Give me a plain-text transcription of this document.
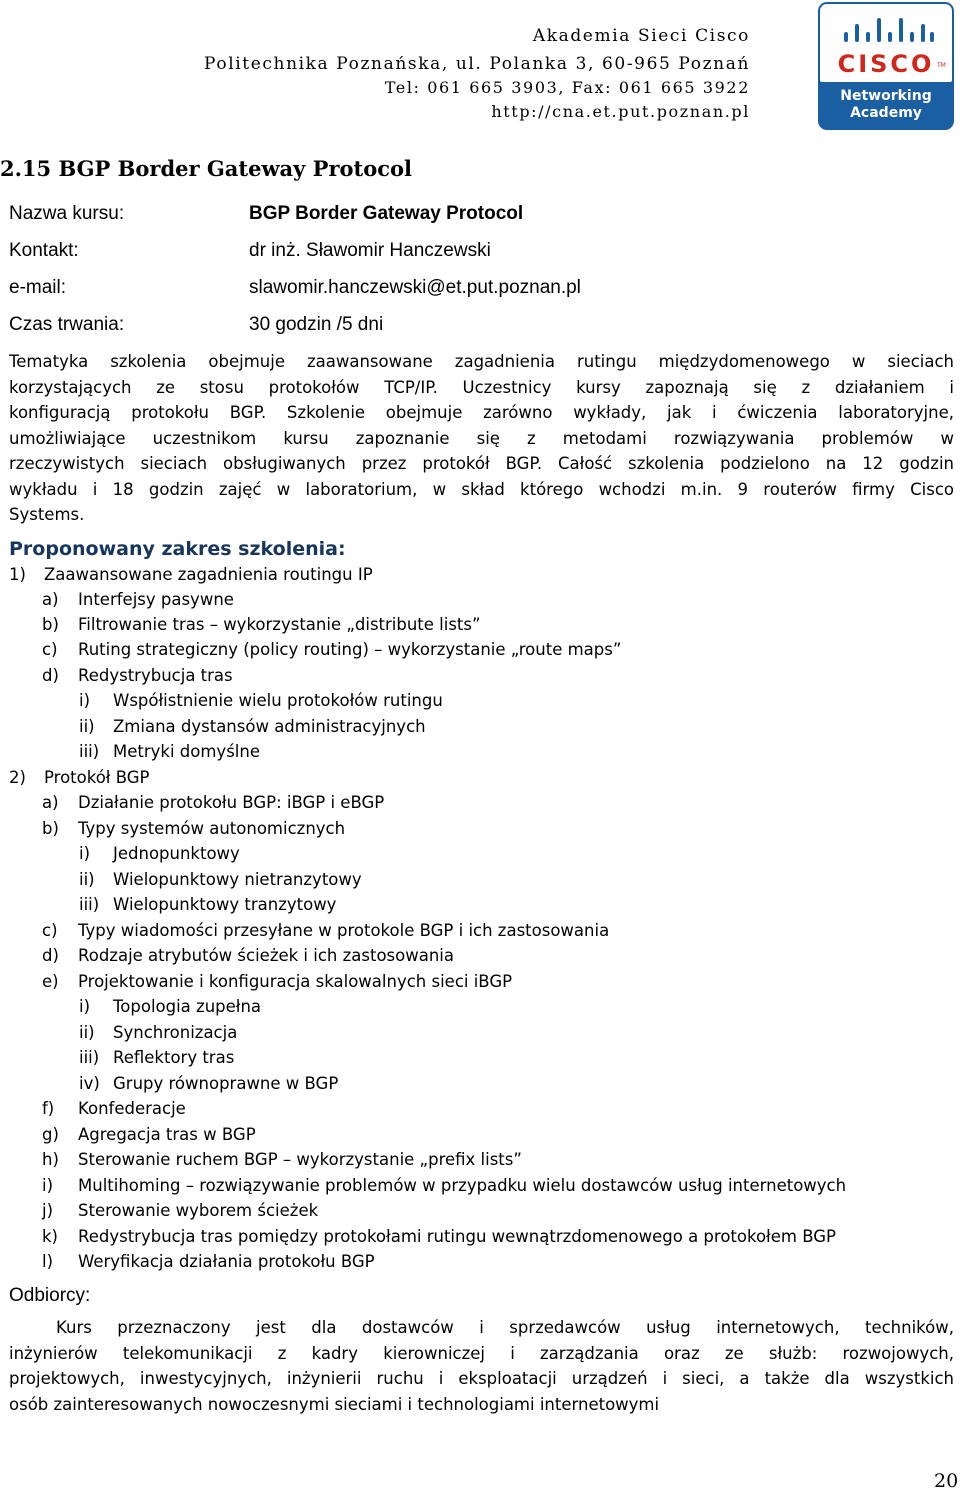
Akademia Sieci Cisco
Politechnika Poznańska, ul. Polanka 3, 60-965 Poznań
Tel: 061 665 3903, Fax: 061 665 3922
http://cna.et.put.poznan.pl
CISCO TM
Networking
Academy
2.15 BGP Border Gateway Protocol
Nazwa kursu:	BGP Border Gateway Protocol
Kontakt:	dr inż. Sławomir Hanczewski
e-mail:	slawomir.hanczewski@et.put.poznan.pl
Czas trwania:	30 godzin /5 dni
Tematyka szkolenia obejmuje zaawansowane zagadnienia rutingu międzydomenowego w sieciach
korzystających ze stosu protokołów TCP/IP. Uczestnicy kursy zapoznają się z działaniem i
konfiguracją protokołu BGP. Szkolenie obejmuje zarówno wykłady, jak i ćwiczenia laboratoryjne,
umożliwiające uczestnikom kursu zapoznanie się z metodami rozwiązywania problemów w
rzeczywistych sieciach obsługiwanych przez protokół BGP. Całość szkolenia podzielono na 12 godzin
wykładu i 18 godzin zajęć w laboratorium, w skład którego wchodzi m.in. 9 routerów firmy Cisco
Systems.
Proponowany zakres szkolenia:
1) Zaawansowane zagadnienia routingu IP
a) Interfejsy pasywne
b) Filtrowanie tras – wykorzystanie „distribute lists”
c) Ruting strategiczny (policy routing) – wykorzystanie „route maps”
d) Redystrybucja tras
i) Współistnienie wielu protokołów rutingu
ii) Zmiana dystansów administracyjnych
iii) Metryki domyślne
2) Protokół BGP
a) Działanie protokołu BGP: iBGP i eBGP
b) Typy systemów autonomicznych
i) Jednopunktowy
ii) Wielopunktowy nietranzytowy
iii) Wielopunktowy tranzytowy
c) Typy wiadomości przesyłane w protokole BGP i ich zastosowania
d) Rodzaje atrybutów ścieżek i ich zastosowania
e) Projektowanie i konfiguracja skalowalnych sieci iBGP
i) Topologia zupełna
ii) Synchronizacja
iii) Reflektory tras
iv) Grupy równoprawne w BGP
f) Konfederacje
g) Agregacja tras w BGP
h) Sterowanie ruchem BGP – wykorzystanie „prefix lists”
i) Multihoming – rozwiązywanie problemów w przypadku wielu dostawców usług internetowych
j) Sterowanie wyborem ścieżek
k) Redystrybucja tras pomiędzy protokołami rutingu wewnątrzdomenowego a protokołem BGP
l) Weryfikacja działania protokołu BGP
Odbiorcy:
Kurs przeznaczony jest dla dostawców i sprzedawców usług internetowych, techników,
inżynierów telekomunikacji z kadry kierowniczej i zarządzania oraz ze służb: rozwojowych,
projektowych, inwestycyjnych, inżynierii ruchu i eksploatacji urządzeń i sieci, a także dla wszystkich
osób zainteresowanych nowoczesnymi sieciami i technologiami internetowymi
20
